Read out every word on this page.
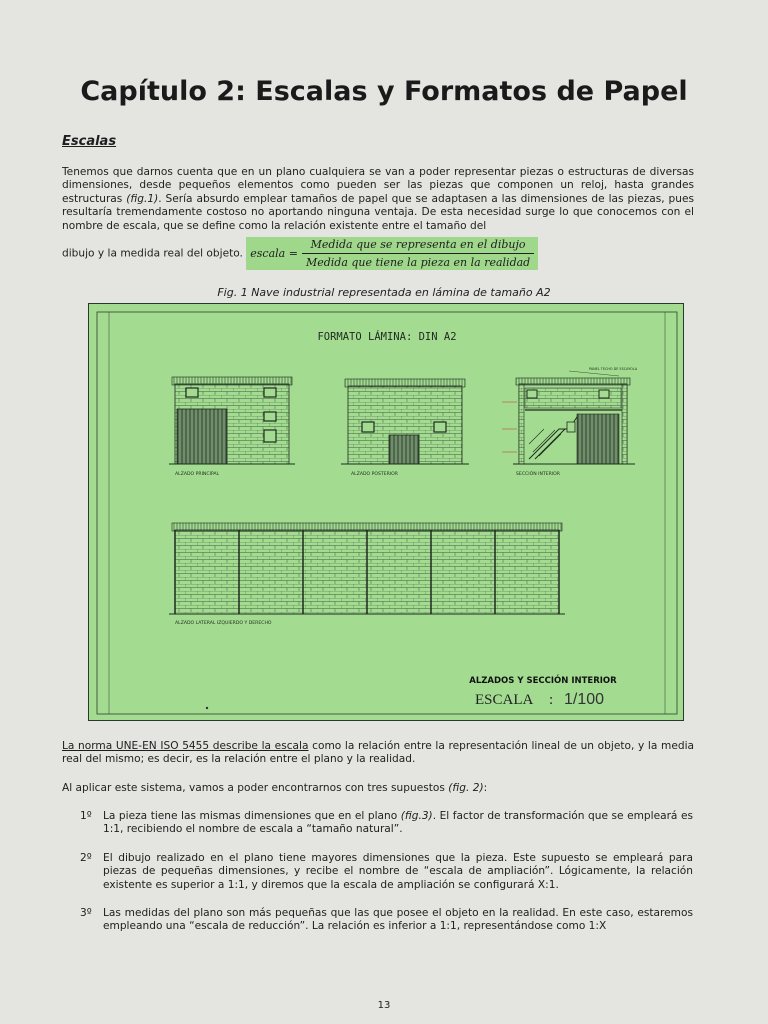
Capítulo 2: Escalas y Formatos de Papel
Escalas
Tenemos que darnos cuenta que en un plano cualquiera se van a poder representar piezas o estructuras de diversas dimensiones, desde pequeños elementos como pueden ser las piezas que componen un reloj, hasta grandes estructuras (fig.1). Sería absurdo emplear tamaños de papel que se adaptasen a las dimensiones de las piezas, pues resultaría tremendamente costoso no aportando ninguna ventaja. De esta necesidad surge lo que conocemos con el nombre de escala, que se define como la relación existente entre el tamaño del
dibujo y la medida real del objeto. escala = $\frac{\text{Medida que se representa en el dibujo}}{\text{Medida que tiene la pieza en la realidad}}$
Fig. 1 Nave industrial representada en lámina de tamaño A2
FORMATO LÁMINA: DIN A2
ALZADO PRINCIPAL	ALZADO POSTERIOR
PANEL TECHO DE ESCAYOLA
SECCIÓN INTERIOR
ALZADO LATERAL IZQUIERDO Y DERECHO
ALZADOS Y SECCIÓN INTERIOR
ESCALA : 1/100
La norma UNE-EN ISO 5455 describe la escala como la relación entre la representación lineal de un objeto, y la media real del mismo; es decir, es la relación entre el plano y la realidad.
Al aplicar este sistema, vamos a poder encontrarnos con tres supuestos (fig. 2):
1º La pieza tiene las mismas dimensiones que en el plano (fig.3). El factor de transformación que se empleará es 1:1, recibiendo el nombre de escala a “tamaño natural”.
2º El dibujo realizado en el plano tiene mayores dimensiones que la pieza. Este supuesto se empleará para piezas de pequeñas dimensiones, y recibe el nombre de “escala de ampliación”. Lógicamente, la relación existente es superior a 1:1, y diremos que la escala de ampliación se configurará X:1.
3º Las medidas del plano son más pequeñas que las que posee el objeto en la realidad. En este caso, estaremos empleando una “escala de reducción”. La relación es inferior a 1:1, representándose como 1:X
13
